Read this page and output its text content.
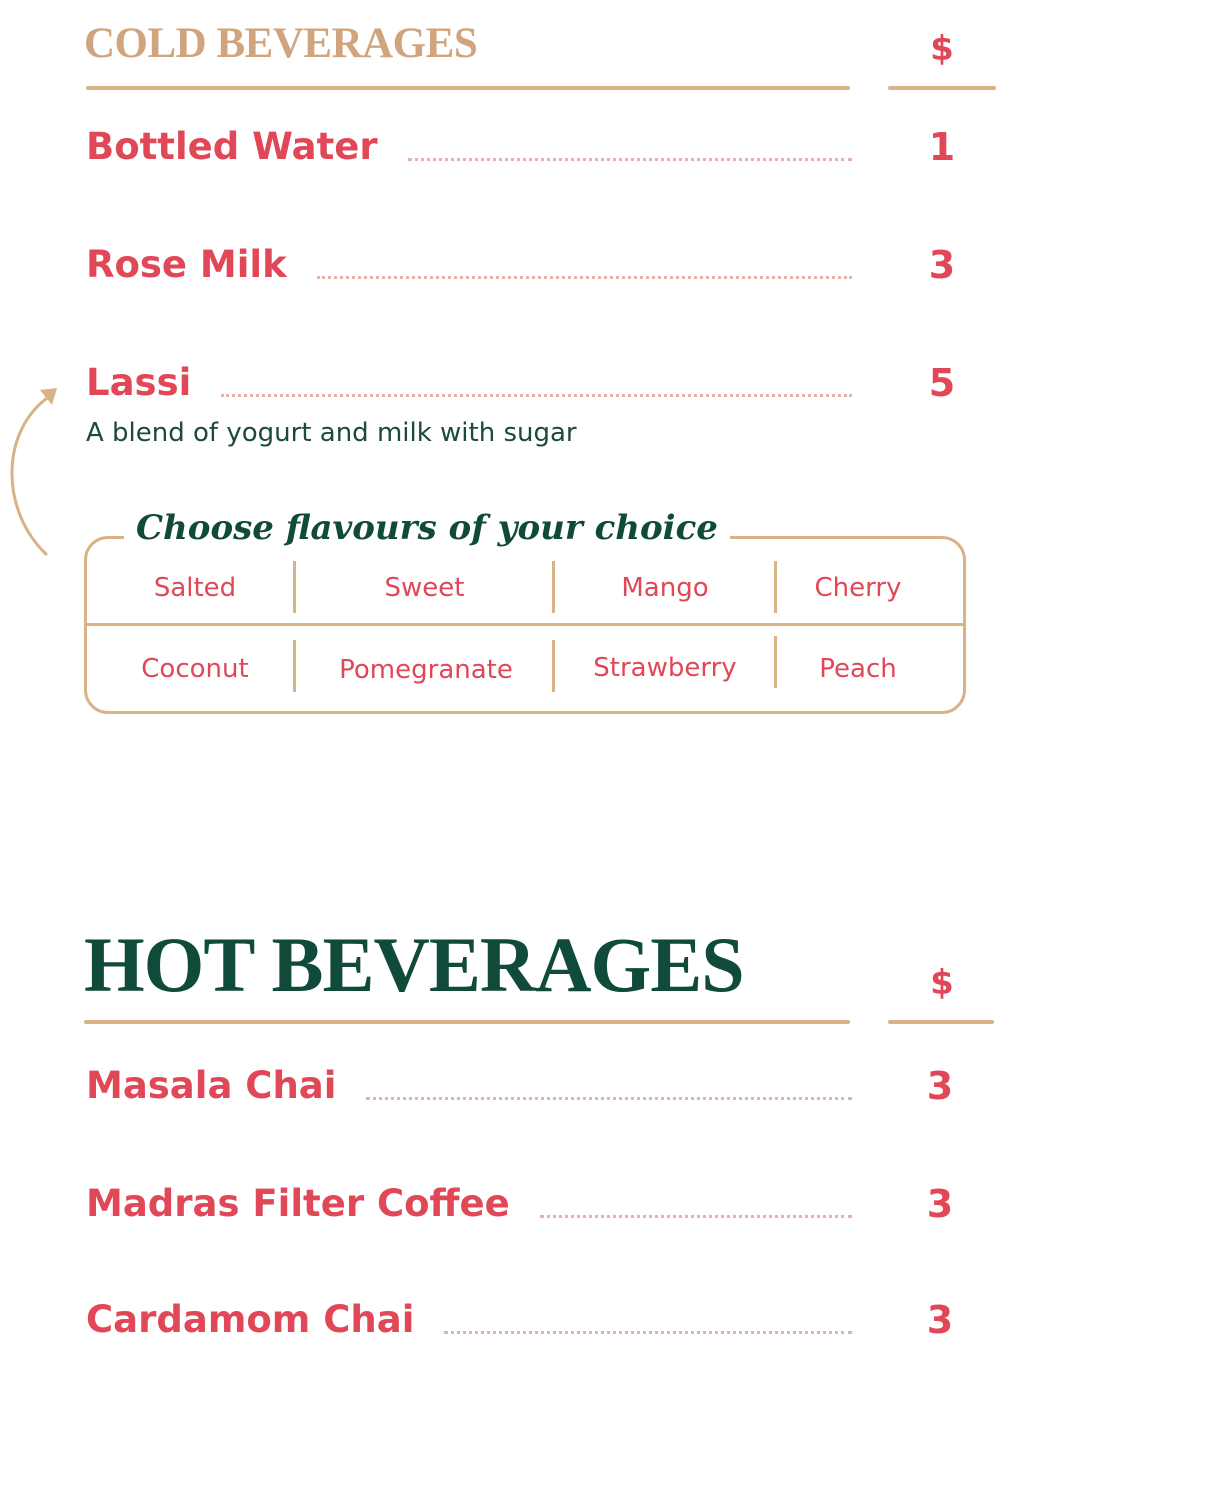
COLD BEVERAGES	$
Bottled Water	1
Rose Milk	3
Lassi	5
A blend of yogurt and milk with sugar
Choose flavours of your choice
Salted	Sweet	Mango	Cherry
Coconut	Pomegranate	Strawberry	Peach
HOT BEVERAGES	$
Masala Chai	3
Madras Filter Coffee	3
Cardamom Chai	3
